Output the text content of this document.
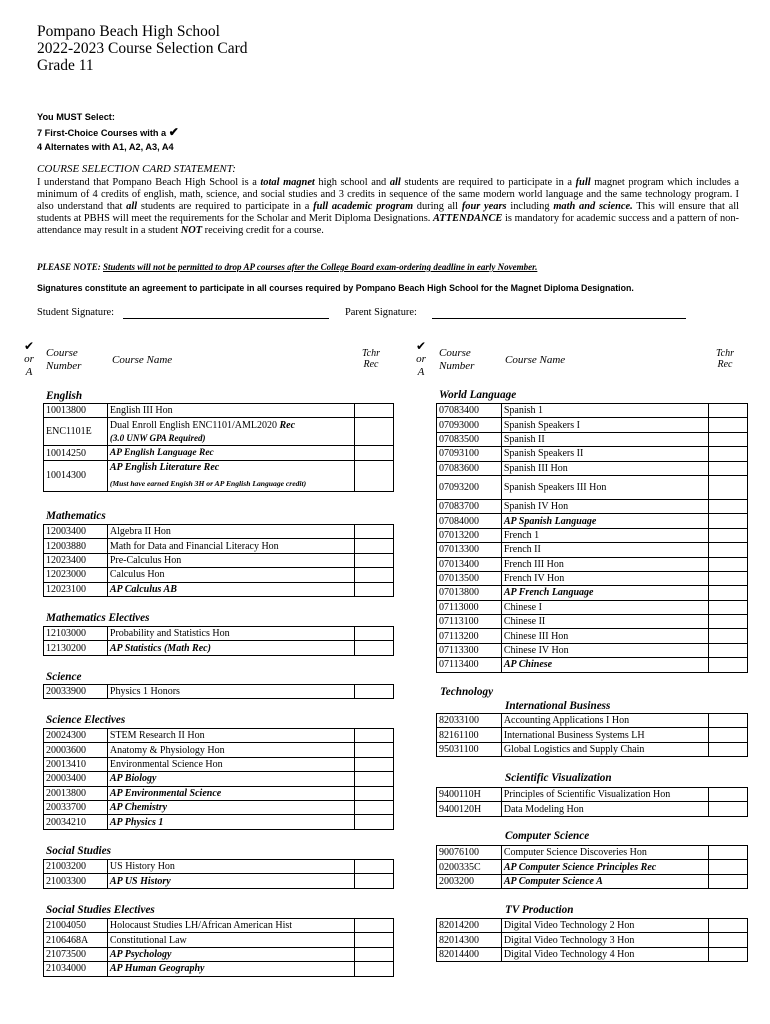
Pompano Beach High School
2022-2023 Course Selection Card
Grade 11
You MUST Select:
7 First-Choice Courses with a ✔
4 Alternates with A1, A2, A3, A4
COURSE SELECTION CARD STATEMENT:
I understand that Pompano Beach High School is a total magnet high school and all students are required to participate in a full magnet program which includes a minimum of 4 credits of english, math, science, and social studies and 3 credits in sequence of the same modern world language and the same technology program. I also understand that all students are required to participate in a full academic program during all four years including math and science. This will ensure that all students at PBHS will meet the requirements for the Scholar and Merit Diploma Designations. ATTENDANCE is mandatory for academic success and a pattern of non-attendance may result in a student NOT receiving credit for a course.
PLEASE NOTE: Students will not be permitted to drop AP courses after the College Board exam-ordering deadline in early November.
Signatures constitute an agreement to participate in all courses required by Pompano Beach High School for the Magnet Diploma Designation.
Student Signature:	Parent Signature:
✔
or
A
Course
Number	Course Name
Tchr
Rec
✔
or
A
Course
Number	Course Name
Tchr
Rec
English
10013800	English III Hon	
ENC1101E	Dual Enroll English ENC1101/AML2020 Rec
(3.0 UNW GPA Required)	

10014250	AP English Language Rec	
10014300	AP English Literature Rec
(Must have earned Engish 3H or AP English Language credit)	

Mathematics
12003400	Algebra II Hon	
12003880	Math for Data and Financial Literacy Hon	
12023400	Pre-Calculus Hon	
12023000	Calculus Hon	
12023100	AP Calculus AB	
Mathematics Electives
12103000	Probability and Statistics Hon	
12130200	AP Statistics (Math Rec)	
Science
20033900	Physics 1 Honors	
Science Electives
20024300	STEM Research II Hon	
20003600	Anatomy & Physiology Hon	
20013410	Environmental Science Hon	
20003400	AP Biology	
20013800	AP Environmental Science	
20033700	AP Chemistry	
20034210	AP Physics 1	
Social Studies
21003200	US History Hon	
21003300	AP US History	
Social Studies Electives
21004050	Holocaust Studies LH/African American Hist	
2106468A	Constitutional Law	
21073500	AP Psychology	
21034000	AP Human Geography	
World Language
07083400	Spanish 1	
07093000	Spanish Speakers I	
07083500	Spanish II	
07093100	Spanish Speakers II	
07083600	Spanish III Hon	
07093200	Spanish Speakers III Hon	
07083700	Spanish IV Hon	
07084000	AP Spanish Language	
07013200	French 1	
07013300	French II	
07013400	French III Hon	
07013500	French IV Hon	
07013800	AP French Language	
07113000	Chinese I	
07113100	Chinese II	
07113200	Chinese III Hon	
07113300	Chinese IV Hon	
07113400	AP Chinese	
Technology
International Business
82033100	Accounting Applications I Hon	
82161100	International Business Systems LH	
95031100	Global Logistics and Supply Chain	
Scientific Visualization
9400110H	Principles of Scientific Visualization Hon	
9400120H	Data Modeling Hon	
Computer Science
90076100	Computer Science Discoveries Hon	
0200335C	AP Computer Science Principles Rec	
2003200	AP Computer Science A	
TV Production
82014200	Digital Video Technology 2 Hon	
82014300	Digital Video Technology 3 Hon	
82014400	Digital Video Technology 4 Hon	
